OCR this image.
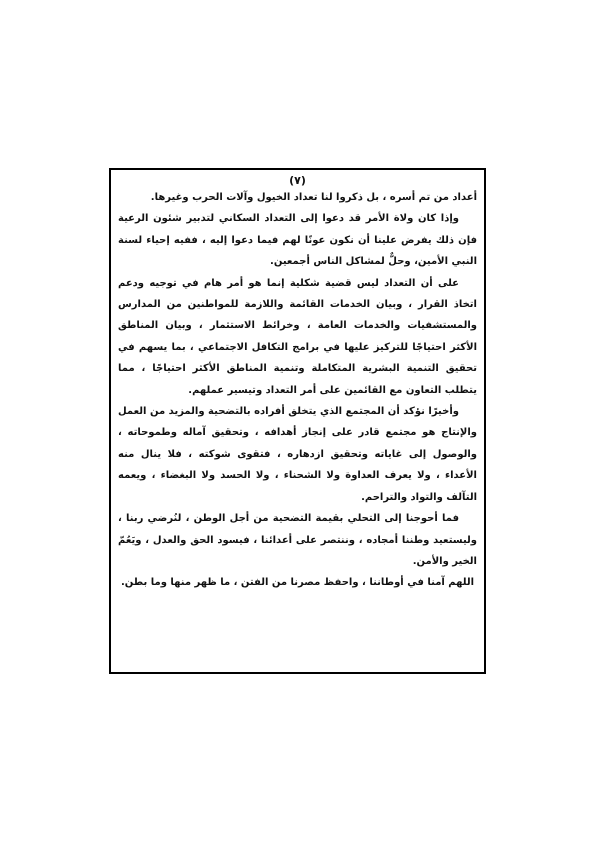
(٧)

أعداد من تم أسره ، بل ذكروا لنا تعداد الخيول وآلات الحرب وغيرها.

وإذا كان ولاة الأمر قد دعوا إلى التعداد السكاني لتدبير شئون الرعية فإن ذلك يفرض علينا أن نكون عونًا لهم فيما دعوا إليه ، ففيه إحياء لسنة النبي الأمين، وحلٌّ لمشاكل الناس أجمعين.

على أن التعداد ليس قضية شكلية إنما هو أمر هام في توجيه ودعم اتخاذ القرار ، وبيان الخدمات القائمة واللازمة للمواطنين من المدارس والمستشفيات والخدمات العامة ، وخرائط الاستثمار ، وبيان المناطق الأكثر احتياجًا للتركيز عليها في برامج التكافل الاجتماعي ، بما يسهم في تحقيق التنمية البشرية المتكاملة وتنمية المناطق الأكثر احتياجًا ، مما يتطلب التعاون مع القائمين على أمر التعداد وتيسير عملهم.

وأخيرًا نؤكد أن المجتمع الذي يتخلق أفراده بالتضحية والمزيد من العمل والإنتاج هو مجتمع قادر على إنجاز أهدافه ، وتحقيق آماله وطموحاته ، والوصول إلى غاياته وتحقيق ازدهاره ، فتقوى شوكته ، فلا ينال منه الأعداء ، ولا يعرف العداوة ولا الشحناء ، ولا الحسد ولا البغضاء ، ويعمه التآلف والتواد والتراحم.

فما أحوجنا إلى التحلي بقيمة التضحية من أجل الوطن ، لنُرضي ربنا ، وليستعيد وطننا أمجاده ، وننتصر على أعدائنا ، فيسود الحق والعدل ، ويَعُمّ الخير والأمن.

اللهم آمنا في أوطاننا ، واحفظ مصرنا من الفتن ، ما ظهر منها وما بطن.
